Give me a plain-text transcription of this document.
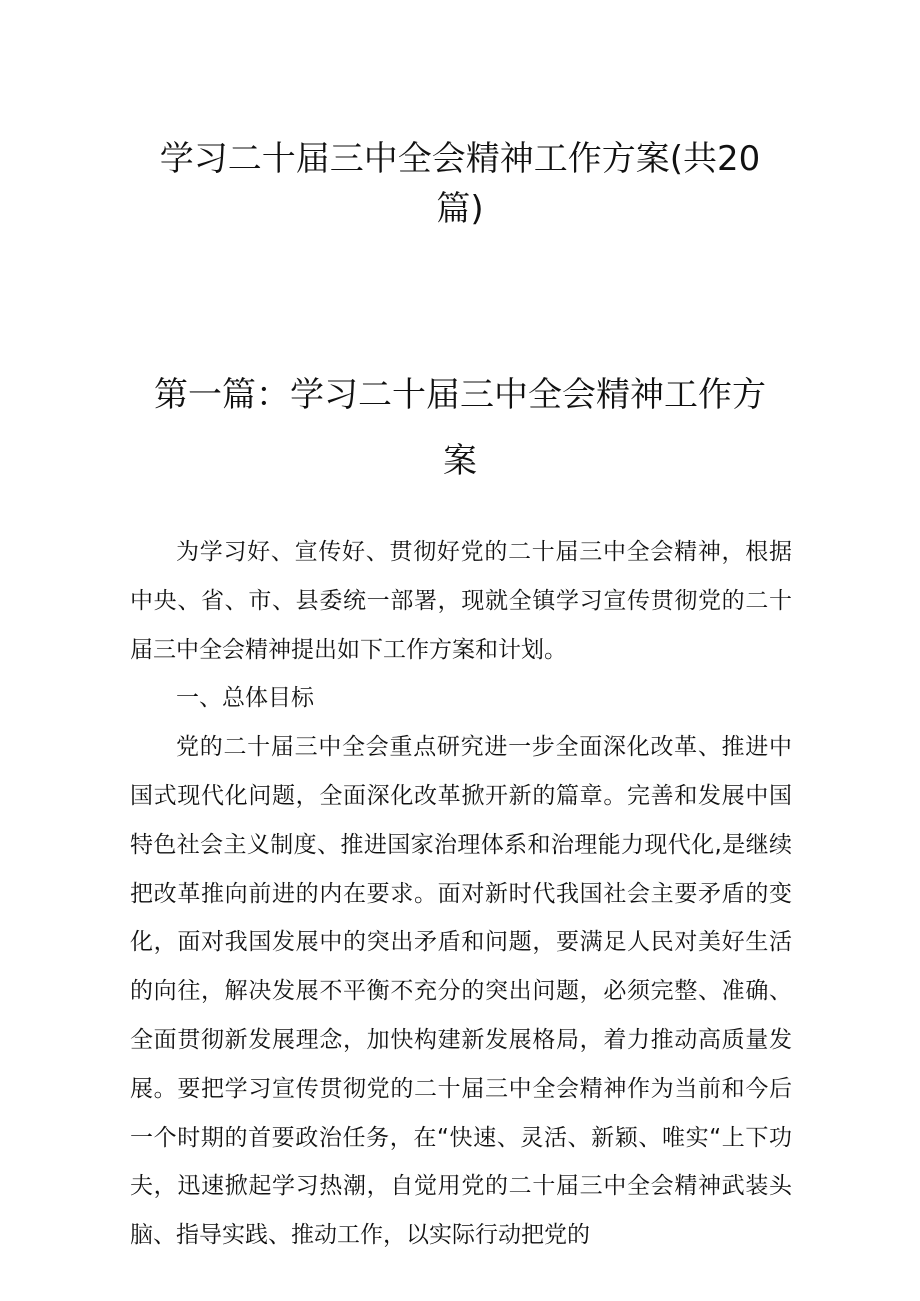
学习二十届三中全会精神工作方案(共20篇)
第一篇：学习二十届三中全会精神工作方案

为学习好、宣传好、贯彻好党的二十届三中全会精神，根据中央、省、市、县委统一部署，现就全镇学习宣传贯彻党的二十届三中全会精神提出如下工作方案和计划。

一、总体目标

党的二十届三中全会重点研究进一步全面深化改革、推进中国式现代化问题，全面深化改革掀开新的篇章。完善和发展中国特色社会主义制度、推进国家治理体系和治理能力现代化,是继续把改革推向前进的内在要求。面对新时代我国社会主要矛盾的变化，面对我国发展中的突出矛盾和问题，要满足人民对美好生活的向往，解决发展不平衡不充分的突出问题，必须完整、准确、全面贯彻新发展理念，加快构建新发展格局，着力推动高质量发展。要把学习宣传贯彻党的二十届三中全会精神作为当前和今后一个时期的首要政治任务，在“快速、灵活、新颖、唯实“上下功夫，迅速掀起学习热潮，自觉用党的二十届三中全会精神武装头脑、指导实践、推动工作，以实际行动把党的
